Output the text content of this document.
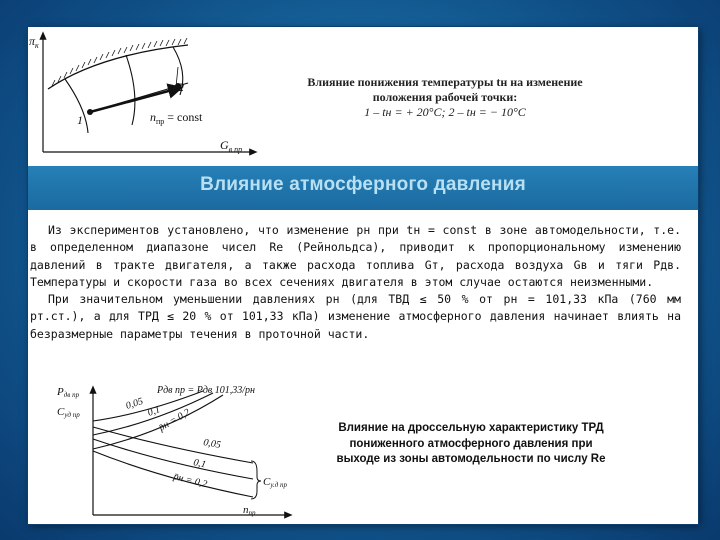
$\pi_к$
1
2
$n_{пр}$ = const
$G_{в пр}$
Влияние понижения температуры tн на изменение
положения рабочей точки:
1 – tн = + 20°C; 2 – tн = − 10°C
Влияние атмосферного давления

Из экспериментов установлено, что изменение рн при tн = const в зоне автомодельности, т.е. в определенном диапазоне чисел Re (Рейнольдса), приводит к пропорциональному изменению давлений в тракте двигателя, а также расхода топлива Gт, расхода воздуха Gв и тяги Pдв. Температуры и скорости газа во всех сечениях двигателя в этом случае остаются неизменными.

При значительном уменьшении давлениях рн (для ТВД ≤ 50 % от рн = 101,33 кПа (760 мм рт.ст.), а для ТРД ≤ 20 % от 101,33 кПа) изменение атмосферного давления начинает влиять на безразмерные параметры течения в проточной части.

Pдв пр
Cуд пр
Pдв пр = Pдв 101,33/pн
0,05 0,1
p̄н = 0,2
0,05
0,1
p̄н = 0,2	Cу.д пр
nпр
Влияние на дроссельную характеристику ТРД
пониженного атмосферного давления при
выходе из зоны автомодельности по числу Re
